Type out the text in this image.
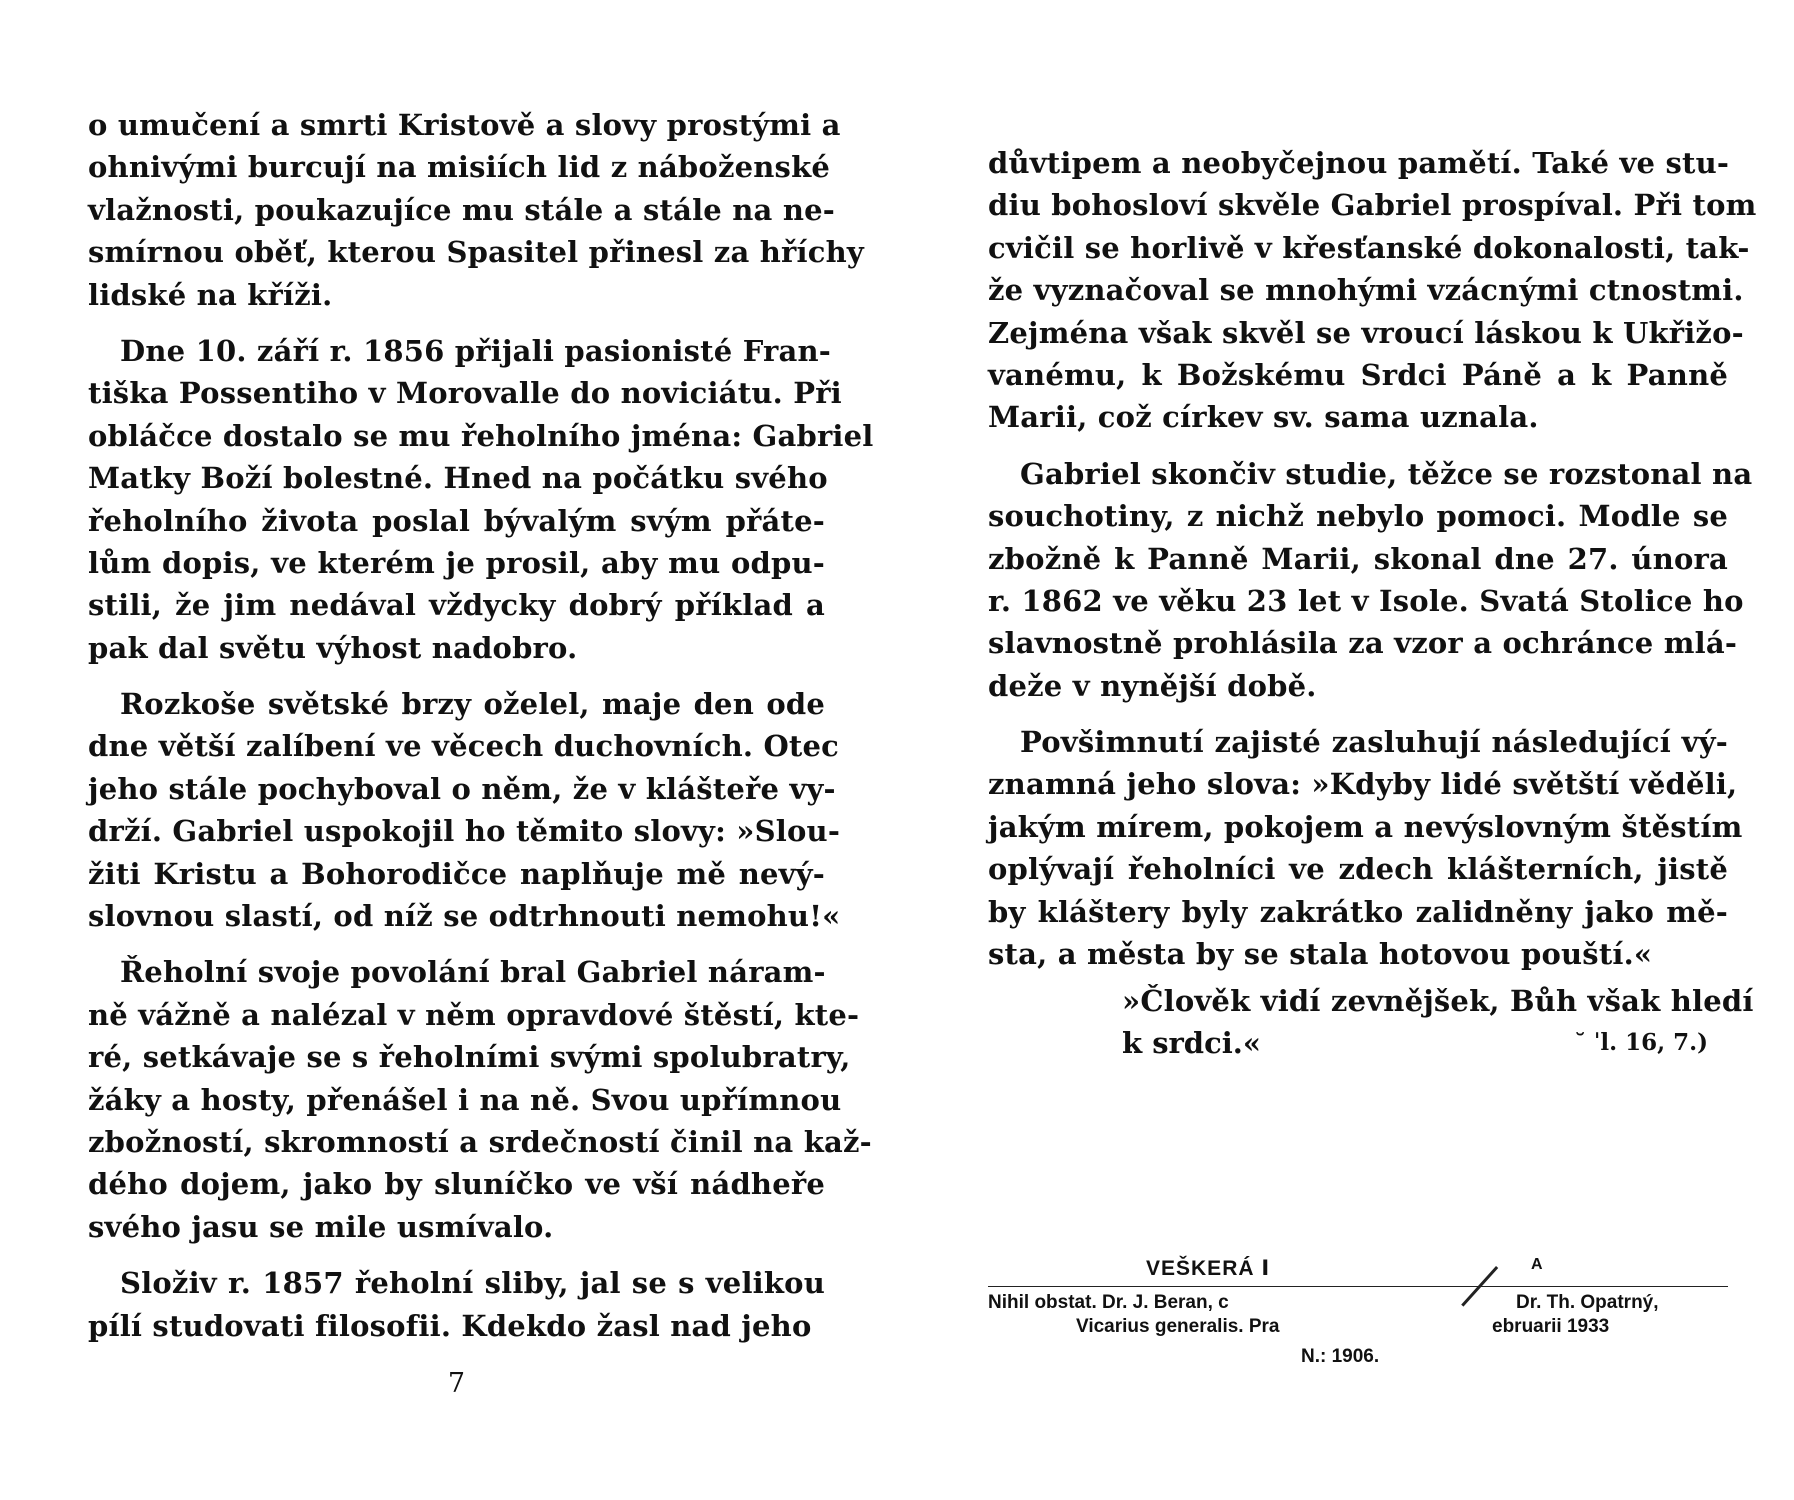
o umučení a smrti Kristově a slovy prostými a
ohnivými burcují na misiích lid z náboženské
vlažnosti, poukazujíce mu stále a stále na ne-
smírnou oběť, kterou Spasitel přinesl za hříchy
lidské na kříži.
Dne 10. září r. 1856 přijali pasionisté Fran-
tiška Possentiho v Morovalle do noviciátu. Při
obláčce dostalo se mu řeholního jména: Gabriel
Matky Boží bolestné. Hned na počátku svého
řeholního života poslal bývalým svým přáte-
lům dopis, ve kterém je prosil, aby mu odpu-
stili, že jim nedával vždycky dobrý příklad a
pak dal světu výhost nadobro.
Rozkoše světské brzy oželel, maje den ode
dne větší zalíbení ve věcech duchovních. Otec
jeho stále pochyboval o něm, že v klášteře vy-
drží. Gabriel uspokojil ho těmito slovy: »Slou-
žiti Kristu a Bohorodičce naplňuje mě nevý-
slovnou slastí, od níž se odtrhnouti nemohu!«
Řeholní svoje povolání bral Gabriel náram-
ně vážně a nalézal v něm opravdové štěstí, kte-
ré, setkávaje se s řeholními svými spolubratry,
žáky a hosty, přenášel i na ně. Svou upřímnou
zbožností, skromností a srdečností činil na kaž-
dého dojem, jako by sluníčko ve vší nádheře
svého jasu se mile usmívalo.
Složiv r. 1857 řeholní sliby, jal se s velikou
pílí studovati filosofii. Kdekdo žasl nad jeho
7
důvtipem a neobyčejnou pamětí. Také ve stu-
diu bohosloví skvěle Gabriel prospíval. Při tom
cvičil se horlivě v křesťanské dokonalosti, tak-
že vyznačoval se mnohými vzácnými ctnostmi.
Zejména však skvěl se vroucí láskou k Ukřižo-
vanému, k Božskému Srdci Páně a k Panně
Marii, což církev sv. sama uznala.
Gabriel skončiv studie, těžce se rozstonal na
souchotiny, z nichž nebylo pomoci. Modle se
zbožně k Panně Marii, skonal dne 27. února
r. 1862 ve věku 23 let v Isole. Svatá Stolice ho
slavnostně prohlásila za vzor a ochránce mlá-
deže v nynější době.
Povšimnutí zajisté zasluhují následující vý-
znamná jeho slova: »Kdyby lidé světští věděli,
jakým mírem, pokojem a nevýslovným štěstím
oplývají řeholníci ve zdech klášterních, jistě
by kláštery byly zakrátko zalidněny jako mě-
sta, a města by se stala hotovou pouští.«
»Člověk vidí zevnějšek, Bůh však hledí
k srdci.«	˘ ˈl. 16, 7.)
VEŠKERÁ Ⅰ	A
Nihil obstat. Dr. J. Beran, c
Vicarius generalis. Pra
Dr. Th. Opatrný,
ebruarii 1933
N.: 1906.
